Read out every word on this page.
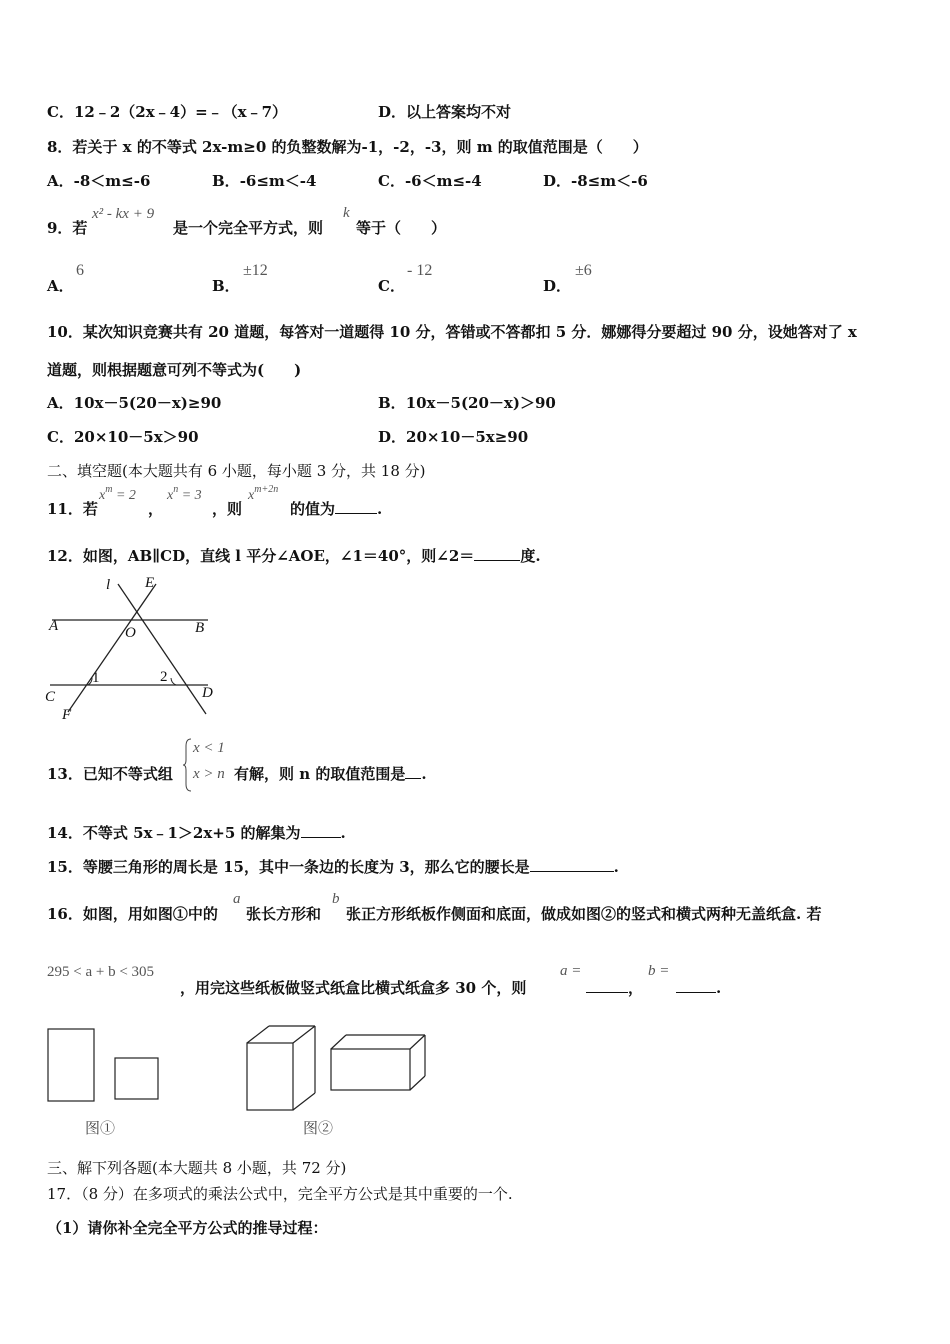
C．12﹣2（2x﹣4）=﹣（x﹣7）	D．以上答案均不对
8．若关于 x 的不等式 2x-m≥0 的负整数解为-1，-2，-3，则 m 的取值范围是（　　）
A．-8＜m≤-6	B．-6≤m＜-4	C．-6＜m≤-4	D．-8≤m＜-6
9．若
x² - kx + 9
是一个完全平方式，则
k
等于（　　）
A．
6
B．
±12
C．
- 12
D．
±6
10．某次知识竞赛共有 20 道题，每答对一道题得 10 分，答错或不答都扣 5 分．娜娜得分要超过 90 分，设她答对了 x
道题，则根据题意可列不等式为(　　)
A．10x－5(20－x)≥90	B．10x－5(20－x)＞90
C．20×10－5x＞90	D．20×10－5x≥90
二、填空题(本大题共有 6 小题，每小题 3 分，共 18 分)
11．若
$x^m = 2$
，
$x^n = 3$
，则
$x^{m+2n}$
的值为	.
12．如图，AB∥CD，直线 l 平分∠AOE，∠1＝40°，则∠2＝	度.
l E
A	O	B
C
1	2
D
F
13．已知不等式组
x < 1
x > n 有解，则 n 的取值范围是 .
14．不等式 5x﹣1＞2x+5 的解集为	.
15．等腰三角形的周长是 15，其中一条边的长度为 3，那么它的腰长是	.
16．如图，用如图①中的
a
张长方形和
b
张正方形纸板作侧面和底面，做成如图②的竖式和横式两种无盖纸盒. 若
295 < a + b < 305
，用完这些纸板做竖式纸盒比横式纸盒多 30 个，则
a =
，
b =
.
图①	图②
三、解下列各题(本大题共 8 小题，共 72 分)
17．（8 分）在多项式的乘法公式中，完全平方公式是其中重要的一个.
（1）请你补全完全平方公式的推导过程：
